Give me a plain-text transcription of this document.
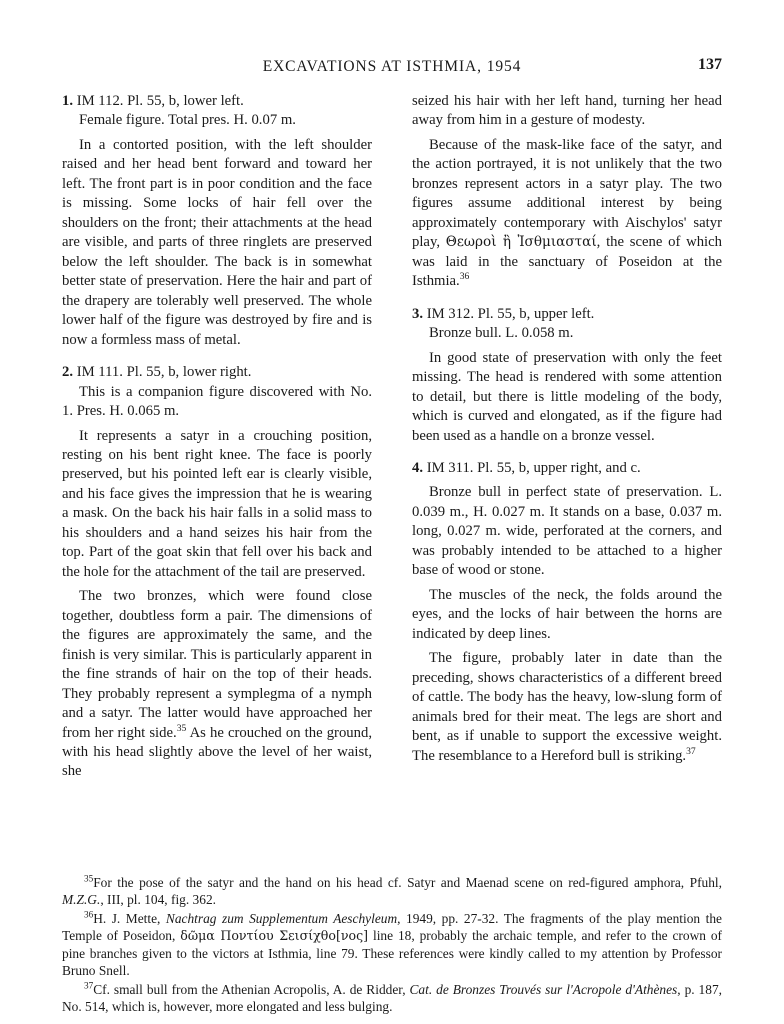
EXCAVATIONS AT ISTHMIA, 1954	137

1. IM 112. Pl. 55, b, lower left.

Female figure. Total pres. H. 0.07 m.

In a contorted position, with the left shoulder raised and her head bent forward and toward her left. The front part is in poor condition and the face is missing. Some locks of hair fell over the shoulders on the front; their attachments at the head are visible, and parts of three ringlets are preserved below the left shoulder. The back is in somewhat better state of preservation. Here the hair and part of the drapery are tolerably well preserved. The whole lower half of the figure was destroyed by fire and is now a formless mass of metal.

2. IM 111. Pl. 55, b, lower right.

This is a companion figure discovered with No. 1. Pres. H. 0.065 m.

It represents a satyr in a crouching position, resting on his bent right knee. The face is poorly preserved, but his pointed left ear is clearly visible, and his face gives the impression that he is wearing a mask. On the back his hair falls in a solid mass to his shoulders and a hand seizes his hair from the top. Part of the goat skin that fell over his back and the hole for the attachment of the tail are preserved.

The two bronzes, which were found close together, doubtless form a pair. The dimensions of the figures are approximately the same, and the finish is very similar. This is particularly apparent in the fine strands of hair on the top of their heads. They probably represent a symplegma of a nymph and a satyr. The latter would have approached her from her right side.$^{35}$ As he crouched on the ground, with his head slightly above the level of her waist, she

seized his hair with her left hand, turning her head away from him in a gesture of modesty.

Because of the mask-like face of the satyr, and the action portrayed, it is not unlikely that the two bronzes represent actors in a satyr play. The two figures assume additional interest by being approximately contemporary with Aischylos' satyr play, Θεωροὶ ἢ Ἰσθμιασταί, the scene of which was laid in the sanctuary of Poseidon at the Isthmia.$^{36}$

3. IM 312. Pl. 55, b, upper left.

Bronze bull. L. 0.058 m.

In good state of preservation with only the feet missing. The head is rendered with some attention to detail, but there is little modeling of the body, which is curved and elongated, as if the figure had been used as a handle on a bronze vessel.

4. IM 311. Pl. 55, b, upper right, and c.

Bronze bull in perfect state of preservation. L. 0.039 m., H. 0.027 m. It stands on a base, 0.037 m. long, 0.027 m. wide, perforated at the corners, and was probably intended to be attached to a higher base of wood or stone.

The muscles of the neck, the folds around the eyes, and the locks of hair between the horns are indicated by deep lines.

The figure, probably later in date than the preceding, shows characteristics of a different breed of cattle. The body has the heavy, low-slung form of animals bred for their meat. The legs are short and bent, as if unable to support the excessive weight. The resemblance to a Hereford bull is striking.$^{37}$

$^{35}$For the pose of the satyr and the hand on his head cf. Satyr and Maenad scene on red-figured amphora, Pfuhl, M.Z.G., III, pl. 104, fig. 362.

$^{36}$H. J. Mette, Nachtrag zum Supplementum Aeschyleum, 1949, pp. 27-32. The fragments of the play mention the Temple of Poseidon, δῶμα Ποντίου Σεισίχθο[νος] line 18, probably the archaic temple, and refer to the crown of pine branches given to the victors at Isthmia, line 79. These references were kindly called to my attention by Professor Bruno Snell.

$^{37}$Cf. small bull from the Athenian Acropolis, A. de Ridder, Cat. de Bronzes Trouvés sur l'Acropole d'Athènes, p. 187, No. 514, which is, however, more elongated and less bulging.
